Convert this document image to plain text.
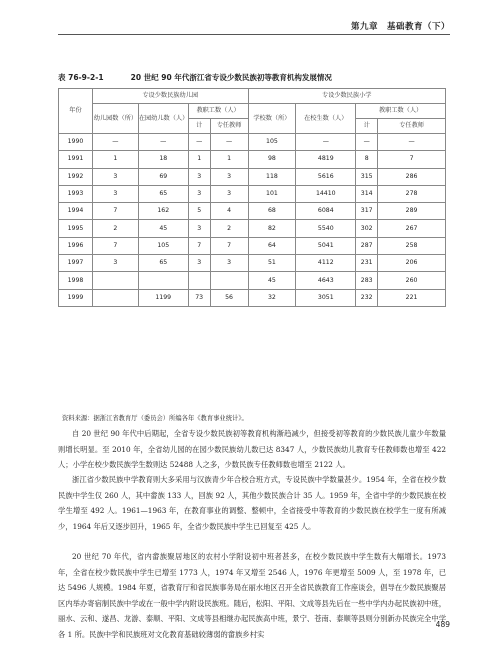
第九章　基础教育（下）
表 76-9-2-1	20 世纪 90 年代浙江省专设少数民族初等教育机构发展情况
年份	专设少数民族幼儿园				专设少数民族小学			
	幼儿园数（所）	在园幼儿数（人）	教职工数（人）		学校数（所）	在校生数（人）	教职工数（人）	
			计	专任教师			计	专任教师
1990	—	—	—	—	105	—	—	—
1991	1	18	1	1	98	4819	8	7
1992	3	69	3	3	118	5616	315	286
1993	3	65	3	3	101	14410	314	278
1994	7	162	5	4	68	6084	317	289
1995	2	45	3	2	82	5540	302	267
1996	7	105	7	7	64	5041	287	258
1997	3	65	3	3	51	4112	231	206
1998					45	4643	283	260
1999		1199	73	56	32	3051	232	221
资料来源：据浙江省教育厅（委员会）所编各年《教育事业统计》。

自 20 世纪 90 年代中后期起，全省专设少数民族初等教育机构渐趋减少，但接受初等教育的少数民族儿童少年数量则增长明显。至 2010 年，全省幼儿园的在园少数民族幼儿数已达 8347 人，少数民族幼儿教育专任教师数也增至 422 人；小学在校少数民族学生数则达 52488 人之多，少数民族专任教师数也增至 2122 人。

浙江省少数民族中学教育则大多采用与汉族青少年合校合班方式，专设民族中学数量甚少。1954 年，全省在校少数民族中学生仅 260 人，其中畲族 133 人，回族 92 人，其他少数民族合计 35 人。1959 年，全省中学的少数民族在校学生增至 492 人。1961—1963 年，在教育事业的调整、整顿中，全省接受中等教育的少数民族在校学生一度有所减少，1964 年后又逐步回升，1965 年，全省少数民族中学生已回复至 425 人。

20 世纪 70 年代，省内畲族聚居地区的农村小学附设初中班者甚多，在校少数民族中学生数有大幅增长。1973 年，全省在校少数民族中学生已增至 1773 人，1974 年又增至 2546 人，1976 年更增至 5009 人，至 1978 年，已达 5496 人规模。1984 年夏，省教育厅和省民族事务局在丽水地区召开全省民族教育工作座谈会，倡导在少数民族聚居区内举办寄宿制民族中学或在一般中学内附设民族班。随后，松阳、平阳、文成等县先后在一些中学内办起民族初中班，丽水、云和、遂昌、龙游、泰顺、平阳、文成等县相继办起民族高中班，景宁、苍南、泰顺等县则分别新办民族完全中学各 1 所。民族中学和民族班对文化教育基础较薄弱的畲族乡村实

489
